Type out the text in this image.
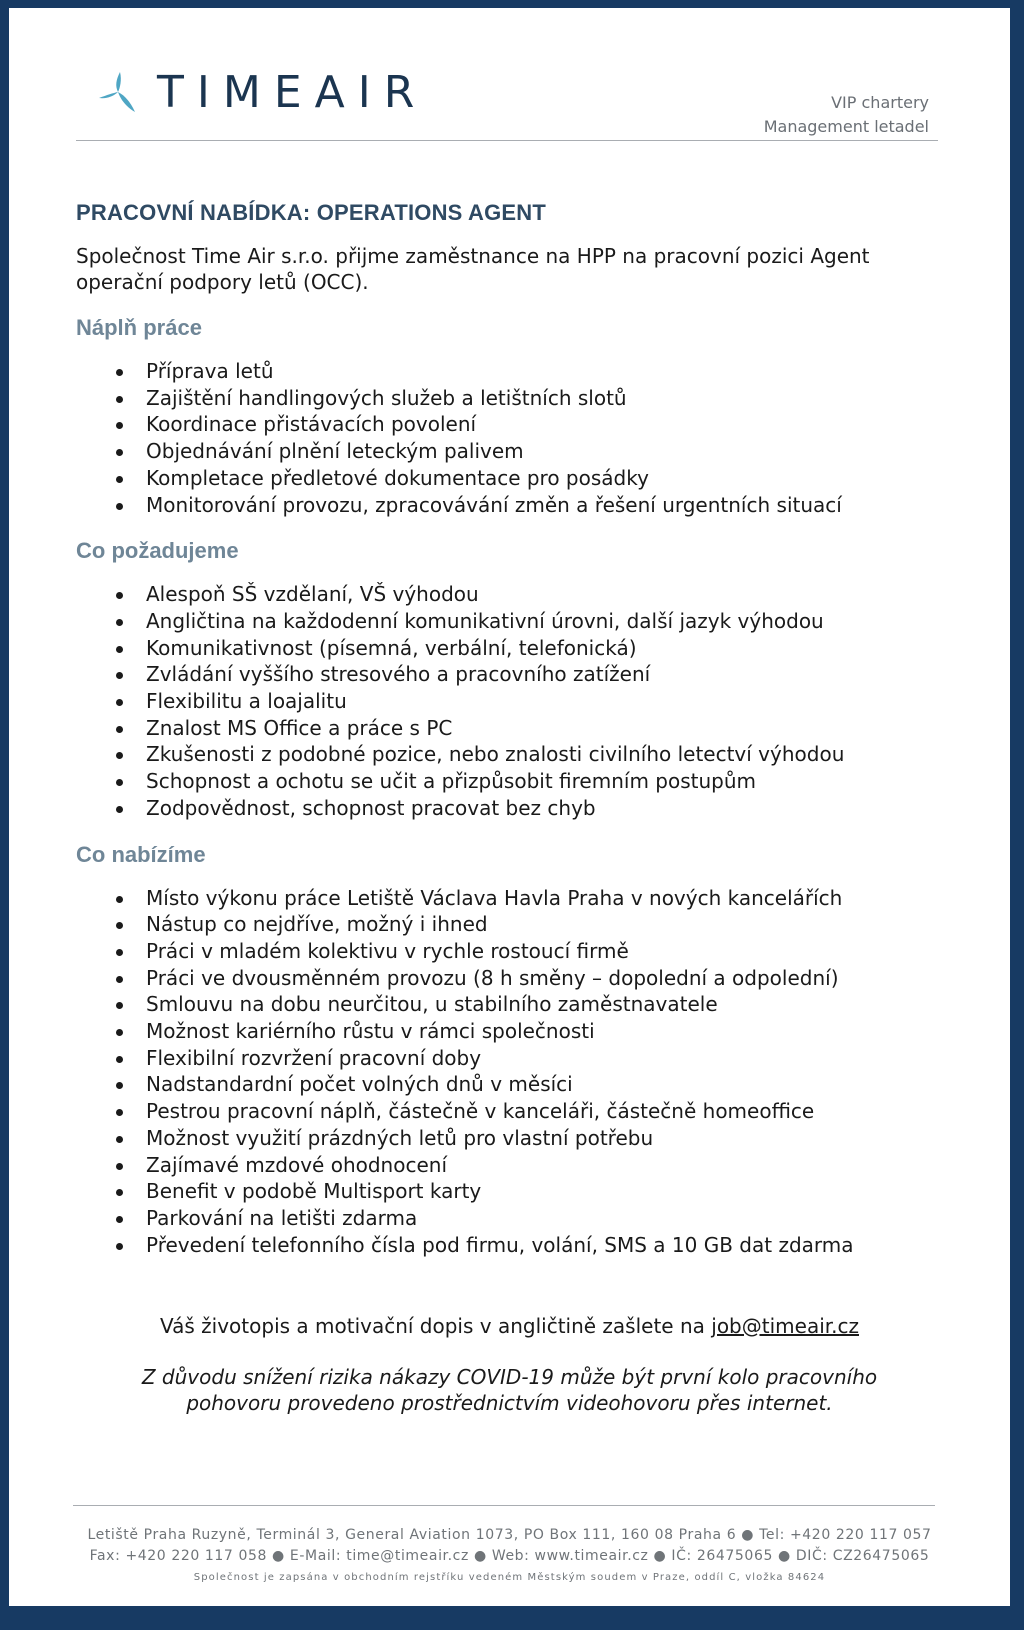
TIMEAIR	VIP chartery
Management letadel
PRACOVNÍ NABÍDKA: OPERATIONS AGENT

Společnost Time Air s.r.o. přijme zaměstnance na HPP na pracovní pozici Agent operační podpory letů (OCC).

Náplň práce
Příprava letů
Zajištění handlingových služeb a letištních slotů
Koordinace přistávacích povolení
Objednávání plnění leteckým palivem
Kompletace předletové dokumentace pro posádky
Monitorování provozu, zpracovávání změn a řešení urgentních situací
Co požadujeme
Alespoň SŠ vzdělaní, VŠ výhodou
Angličtina na každodenní komunikativní úrovni, další jazyk výhodou
Komunikativnost (písemná, verbální, telefonická)
Zvládání vyššího stresového a pracovního zatížení
Flexibilitu a loajalitu
Znalost MS Office a práce s PC
Zkušenosti z podobné pozice, nebo znalosti civilního letectví výhodou
Schopnost a ochotu se učit a přizpůsobit firemním postupům
Zodpovědnost, schopnost pracovat bez chyb
Co nabízíme
Místo výkonu práce Letiště Václava Havla Praha v nových kancelářích
Nástup co nejdříve, možný i ihned
Práci v mladém kolektivu v rychle rostoucí firmě
Práci ve dvousměnném provozu (8 h směny – dopolední a odpolední)
Smlouvu na dobu neurčitou, u stabilního zaměstnavatele
Možnost kariérního růstu v rámci společnosti
Flexibilní rozvržení pracovní doby
Nadstandardní počet volných dnů v měsíci
Pestrou pracovní náplň, částečně v kanceláři, částečně homeoffice
Možnost využití prázdných letů pro vlastní potřebu
Zajímavé mzdové ohodnocení
Benefit v podobě Multisport karty
Parkování na letišti zdarma
Převedení telefonního čísla pod firmu, volání, SMS a 10 GB dat zdarma
Váš životopis a motivační dopis v angličtině zašlete na job@timeair.cz
Z důvodu snížení rizika nákazy COVID-19 může být první kolo pracovního
pohovoru provedeno prostřednictvím videohovoru přes internet.
Letiště Praha Ruzyně, Terminál 3, General Aviation 1073, PO Box 111, 160 08 Praha 6 ● Tel: +420 220 117 057
Fax: +420 220 117 058 ● E-Mail: time@timeair.cz ● Web: www.timeair.cz ● IČ: 26475065 ● DIČ: CZ26475065
Společnost je zapsána v obchodním rejstříku vedeném Městským soudem v Praze, oddíl C, vložka 84624
